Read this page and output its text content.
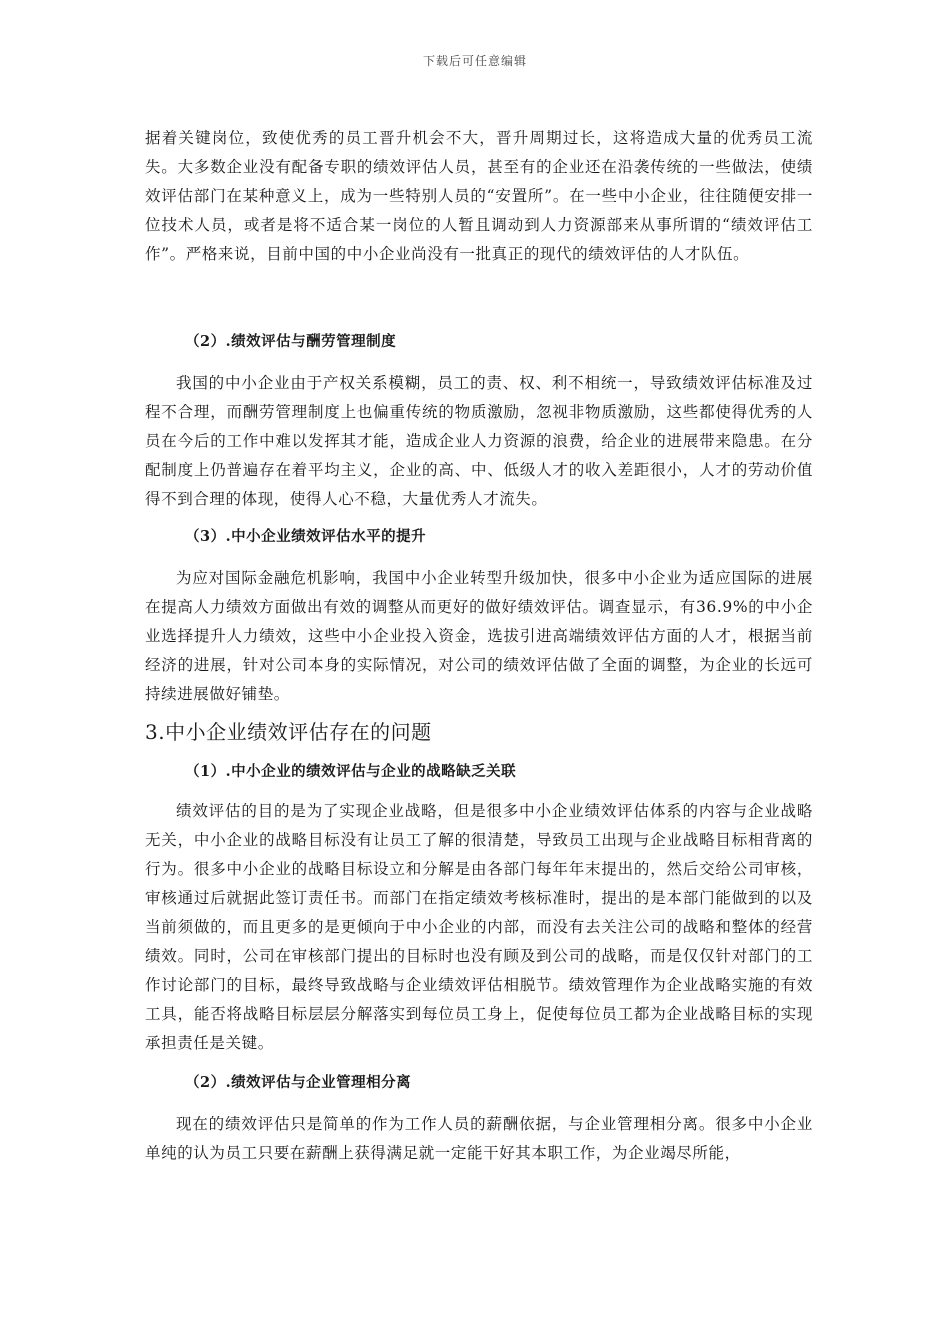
下载后可任意编辑

据着关键岗位，致使优秀的员工晋升机会不大，晋升周期过长，这将造成大量的优秀员工流失。大多数企业没有配备专职的绩效评估人员，甚至有的企业还在沿袭传统的一些做法，使绩效评估部门在某种意义上，成为一些特别人员的“安置所”。在一些中小企业，往往随便安排一位技术人员，或者是将不适合某一岗位的人暂且调动到人力资源部来从事所谓的“绩效评估工作”。严格来说，目前中国的中小企业尚没有一批真正的现代的绩效评估的人才队伍。

（2）.绩效评估与酬劳管理制度

我国的中小企业由于产权关系模糊，员工的责、权、利不相统一，导致绩效评估标准及过程不合理，而酬劳管理制度上也偏重传统的物质激励，忽视非物质激励，这些都使得优秀的人员在今后的工作中难以发挥其才能，造成企业人力资源的浪费，给企业的进展带来隐患。在分配制度上仍普遍存在着平均主义，企业的高、中、低级人才的收入差距很小，人才的劳动价值得不到合理的体现，使得人心不稳，大量优秀人才流失。

（3）.中小企业绩效评估水平的提升

为应对国际金融危机影响，我国中小企业转型升级加快，很多中小企业为适应国际的进展在提高人力绩效方面做出有效的调整从而更好的做好绩效评估。调查显示，有36.9%的中小企业选择提升人力绩效，这些中小企业投入资金，选拔引进高端绩效评估方面的人才，根据当前经济的进展，针对公司本身的实际情况，对公司的绩效评估做了全面的调整，为企业的长远可持续进展做好铺垫。

3.中小企业绩效评估存在的问题

（1）.中小企业的绩效评估与企业的战略缺乏关联

绩效评估的目的是为了实现企业战略，但是很多中小企业绩效评估体系的内容与企业战略无关，中小企业的战略目标没有让员工了解的很清楚，导致员工出现与企业战略目标相背离的行为。很多中小企业的战略目标设立和分解是由各部门每年年末提出的，然后交给公司审核，审核通过后就据此签订责任书。而部门在指定绩效考核标准时，提出的是本部门能做到的以及当前须做的，而且更多的是更倾向于中小企业的内部，而没有去关注公司的战略和整体的经营绩效。同时，公司在审核部门提出的目标时也没有顾及到公司的战略，而是仅仅针对部门的工作讨论部门的目标，最终导致战略与企业绩效评估相脱节。绩效管理作为企业战略实施的有效工具，能否将战略目标层层分解落实到每位员工身上，促使每位员工都为企业战略目标的实现承担责任是关键。

（2）.绩效评估与企业管理相分离

现在的绩效评估只是简单的作为工作人员的薪酬依据，与企业管理相分离。很多中小企业单纯的认为员工只要在薪酬上获得满足就一定能干好其本职工作，为企业竭尽所能，
